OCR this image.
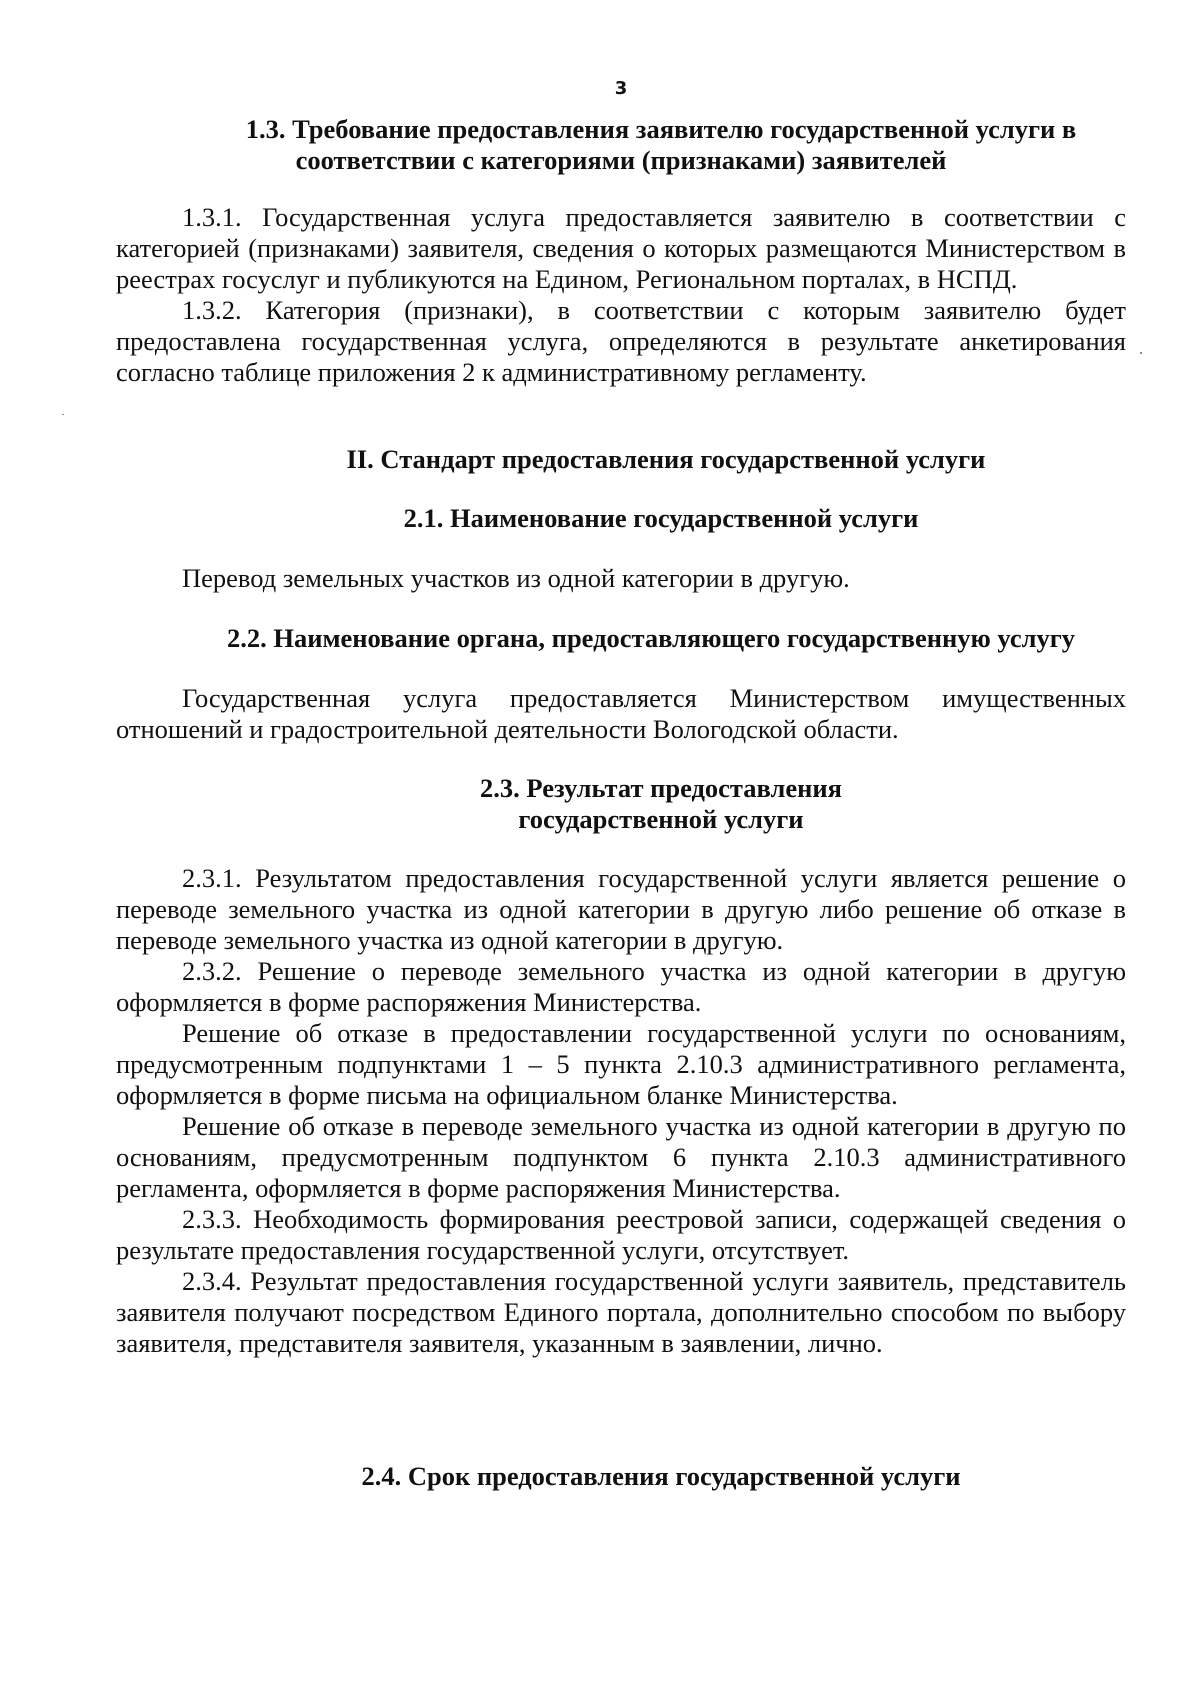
3

1.3. Требование предоставления заявителю государственной услуги в

соответствии с категориями (признаками) заявителей

1.3.1. Государственная услуга предоставляется заявителю в соответствии с категорией (признаками) заявителя, сведения о которых размещаются Министерством в реестрах госуслуг и публикуются на Едином, Региональном порталах, в НСПД.

1.3.2. Категория (признаки), в соответствии с которым заявителю будет предоставлена государственная услуга, определяются в результате анкетирования согласно таблице приложения 2 к административному регламенту.

II. Стандарт предоставления государственной услуги

2.1. Наименование государственной услуги

Перевод земельных участков из одной категории в другую.

2.2. Наименование органа, предоставляющего государственную услугу

Государственная услуга предоставляется Министерством имущественных отношений и градостроительной деятельности Вологодской области.

2.3. Результат предоставления

государственной услуги

2.3.1. Результатом предоставления государственной услуги является решение о переводе земельного участка из одной категории в другую либо решение об отказе в переводе земельного участка из одной категории в другую.

2.3.2. Решение о переводе земельного участка из одной категории в другую оформляется в форме распоряжения Министерства.

Решение об отказе в предоставлении государственной услуги по основаниям, предусмотренным подпунктами 1 – 5 пункта 2.10.3 административного регламента, оформляется в форме письма на официальном бланке Министерства.

Решение об отказе в переводе земельного участка из одной категории в другую по основаниям, предусмотренным подпунктом 6 пункта 2.10.3 административного регламента, оформляется в форме распоряжения Министерства.

2.3.3. Необходимость формирования реестровой записи, содержащей сведения о результате предоставления государственной услуги, отсутствует.

2.3.4. Результат предоставления государственной услуги заявитель, представитель заявителя получают посредством Единого портала, дополнительно способом по выбору заявителя, представителя заявителя, указанным в заявлении, лично.

2.4. Срок предоставления государственной услуги
